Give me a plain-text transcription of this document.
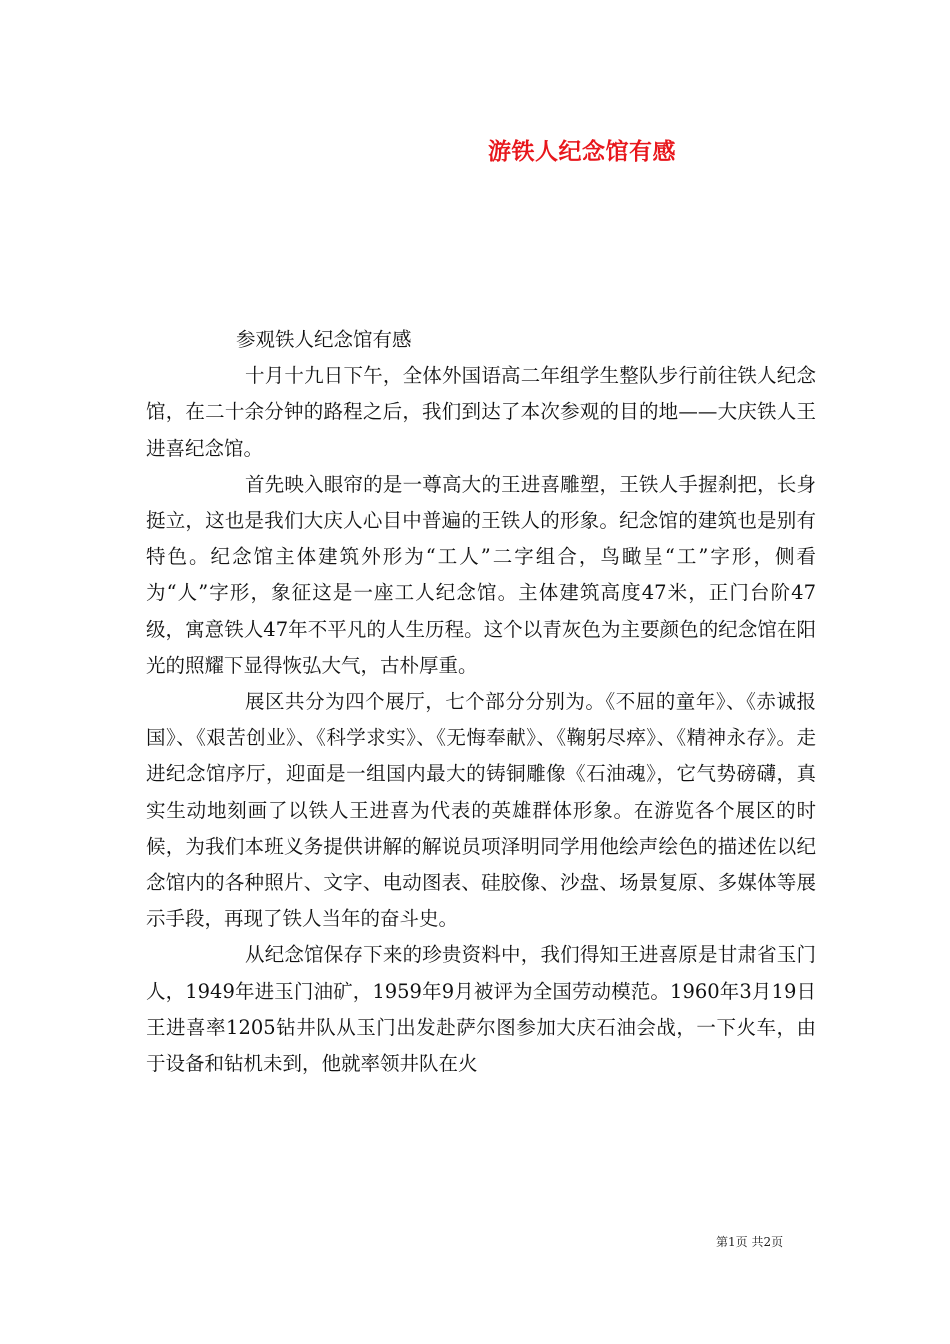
游铁人纪念馆有感

参观铁人纪念馆有感

十月十九日下午，全体外国语高二年组学生整队步行前往铁人纪念馆，在二十余分钟的路程之后，我们到达了本次参观的目的地——大庆铁人王进喜纪念馆。

首先映入眼帘的是一尊高大的王进喜雕塑，王铁人手握刹把，长身挺立，这也是我们大庆人心目中普遍的王铁人的形象。纪念馆的建筑也是别有特色。纪念馆主体建筑外形为“工人”二字组合，鸟瞰呈“工”字形，侧看为“人”字形，象征这是一座工人纪念馆。主体建筑高度47米，正门台阶47级，寓意铁人47年不平凡的人生历程。这个以青灰色为主要颜色的纪念馆在阳光的照耀下显得恢弘大气，古朴厚重。

展区共分为四个展厅，七个部分分别为。《不屈的童年》、《赤诚报国》、《艰苦创业》、《科学求实》、《无悔奉献》、《鞠躬尽瘁》、《精神永存》。走进纪念馆序厅，迎面是一组国内最大的铸铜雕像《石油魂》，它气势磅礴，真实生动地刻画了以铁人王进喜为代表的英雄群体形象。在游览各个展区的时候，为我们本班义务提供讲解的解说员项泽明同学用他绘声绘色的描述佐以纪念馆内的各种照片、文字、电动图表、硅胶像、沙盘、场景复原、多媒体等展示手段，再现了铁人当年的奋斗史。

从纪念馆保存下来的珍贵资料中，我们得知王进喜原是甘肃省玉门人，1949年进玉门油矿，1959年9月被评为全国劳动模范。1960年3月19日王进喜率1205钻井队从玉门出发赴萨尔图参加大庆石油会战，一下火车，由于设备和钻机未到，他就率领井队在火

第1页 共2页
